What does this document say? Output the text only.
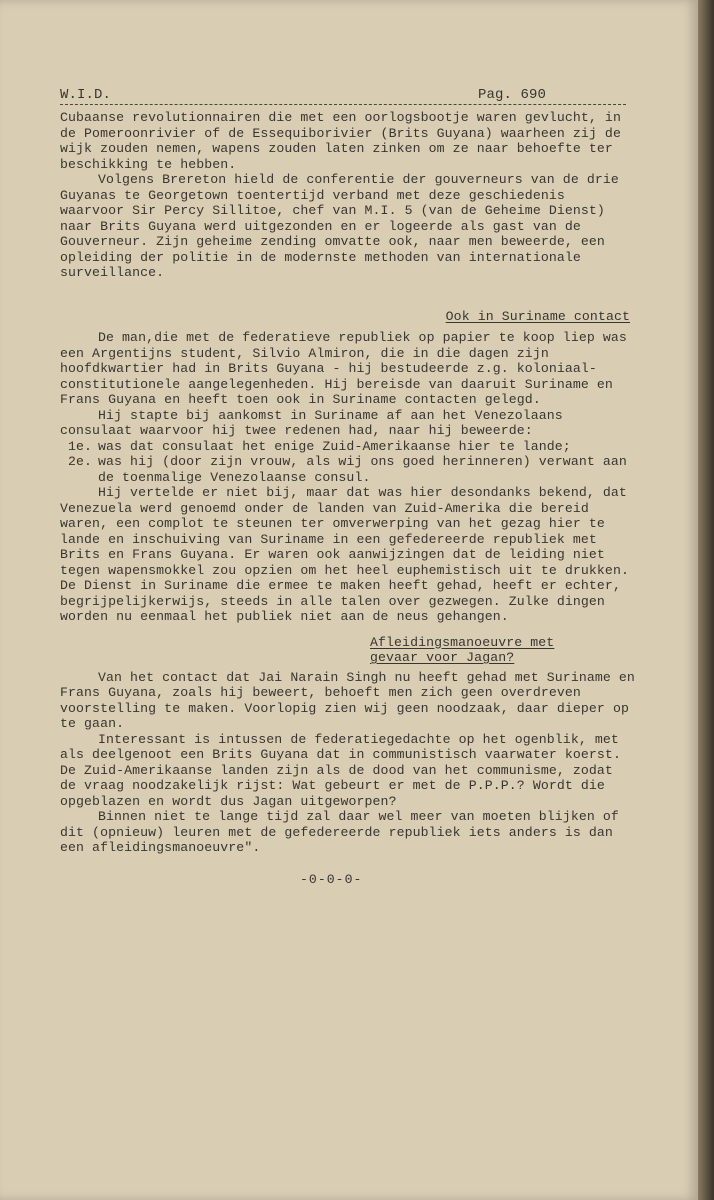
W.I.D.	Pag. 690

Cubaanse revolutionnairen die met een oorlogsbootje waren gevlucht, in de Pomeroonrivier of de Essequiborivier (Brits Guyana) waarheen zij de wijk zouden nemen, wapens zouden laten zinken om ze naar behoefte ter beschikking te hebben.

Volgens Brereton hield de conferentie der gouverneurs van de drie Guyanas te Georgetown toentertijd verband met deze geschiedenis waarvoor Sir Percy Sillitoe, chef van M.I. 5 (van de Geheime Dienst) naar Brits Guyana werd uitgezonden en er logeerde als gast van de Gouverneur. Zijn geheime zending omvatte ook, naar men beweerde, een opleiding der politie in de modernste methoden van internationale surveillance.

Ook in Suriname contact

De man,die met de federatieve republiek op papier te koop liep was een Argentijns student, Silvio Almiron, die in die dagen zijn hoofdkwartier had in Brits Guyana - hij bestudeerde z.g. koloniaal-constitutionele aangelegenheden. Hij bereisde van daaruit Suriname en Frans Guyana en heeft toen ook in Suriname contacten gelegd.

Hij stapte bij aankomst in Suriname af aan het Venezolaans consulaat waarvoor hij twee redenen had, naar hij beweerde:

1e. was dat consulaat het enige Zuid-Amerikaanse hier te lande;
2e. was hij (door zijn vrouw, als wij ons goed herinneren) verwant aan de toenmalige Venezolaanse consul.

Hij vertelde er niet bij, maar dat was hier desondanks bekend, dat Venezuela werd genoemd onder de landen van Zuid-Amerika die bereid waren, een complot te steunen ter omverwerping van het gezag hier te lande en inschuiving van Suriname in een gefedereerde republiek met Brits en Frans Guyana. Er waren ook aanwijzingen dat de leiding niet tegen wapensmokkel zou opzien om het heel euphemistisch uit te drukken. De Dienst in Suriname die ermee te maken heeft gehad, heeft er echter, begrijpelijkerwijs, steeds in alle talen over gezwegen. Zulke dingen worden nu eenmaal het publiek niet aan de neus gehangen.

Afleidingsmanoeuvre met
gevaar voor Jagan?

Van het contact dat Jai Narain Singh nu heeft gehad met Suriname en Frans Guyana, zoals hij beweert, behoeft men zich geen overdreven voorstelling te maken. Voorlopig zien wij geen noodzaak, daar dieper op te gaan.

Interessant is intussen de federatiegedachte op het ogenblik, met als deelgenoot een Brits Guyana dat in communistisch vaarwater koerst. De Zuid-Amerikaanse landen zijn als de dood van het communisme, zodat de vraag noodzakelijk rijst: Wat gebeurt er met de P.P.P.? Wordt die opgeblazen en wordt dus Jagan uitgeworpen?

Binnen niet te lange tijd zal daar wel meer van moeten blijken of dit (opnieuw) leuren met de gefedereerde republiek iets anders is dan een afleidingsmanoeuvre".

-0-0-0-
